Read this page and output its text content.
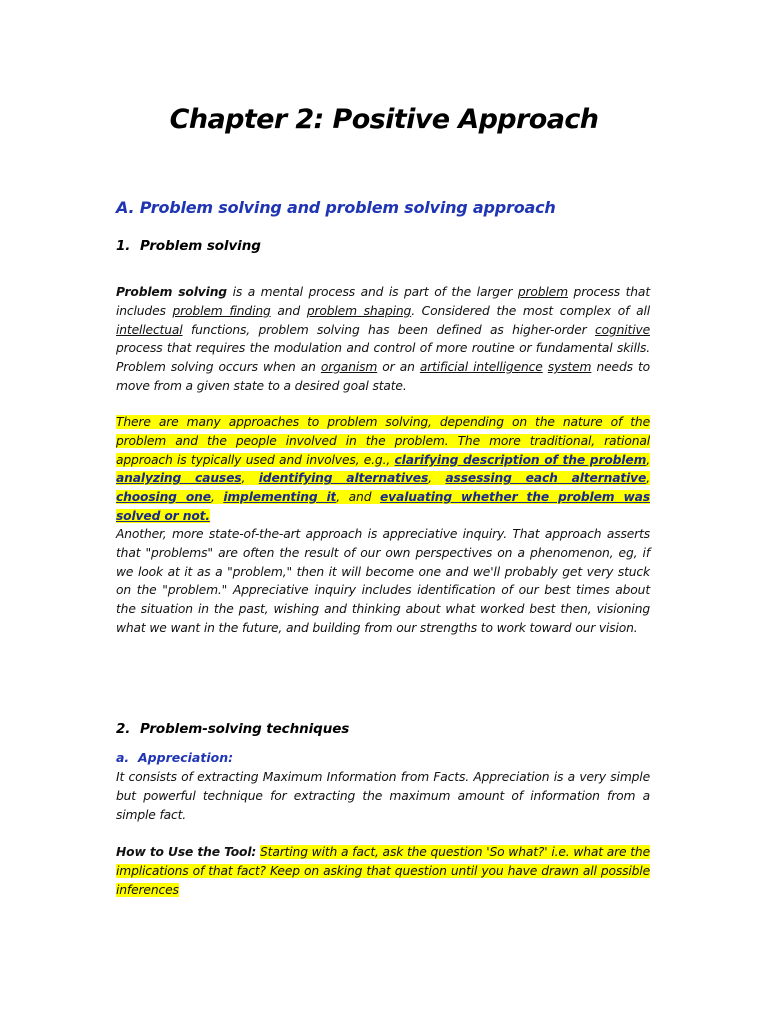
Chapter 2: Positive Approach
A. Problem solving and problem solving approach
1. Problem solving

Problem solving is a mental process and is part of the larger problem process that includes problem finding and problem shaping. Considered the most complex of all intellectual functions, problem solving has been defined as higher-order cognitive process that requires the modulation and control of more routine or fundamental skills. Problem solving occurs when an organism or an artificial intelligence system needs to move from a given state to a desired goal state.

There are many approaches to problem solving, depending on the nature of the problem and the people involved in the problem. The more traditional, rational approach is typically used and involves, e.g., clarifying description of the problem, analyzing causes, identifying alternatives, assessing each alternative, choosing one, implementing it, and evaluating whether the problem was solved or not.

Another, more state-of-the-art approach is appreciative inquiry. That approach asserts that "problems" are often the result of our own perspectives on a phenomenon, eg, if we look at it as a "problem," then it will become one and we'll probably get very stuck on the "problem." Appreciative inquiry includes identification of our best times about the situation in the past, wishing and thinking about what worked best then, visioning what we want in the future, and building from our strengths to work toward our vision.

2. Problem-solving techniques
a. Appreciation:

It consists of extracting Maximum Information from Facts. Appreciation is a very simple but powerful technique for extracting the maximum amount of information from a simple fact.

How to Use the Tool: Starting with a fact, ask the question 'So what?' i.e. what are the implications of that fact? Keep on asking that question until you have drawn all possible inferences
